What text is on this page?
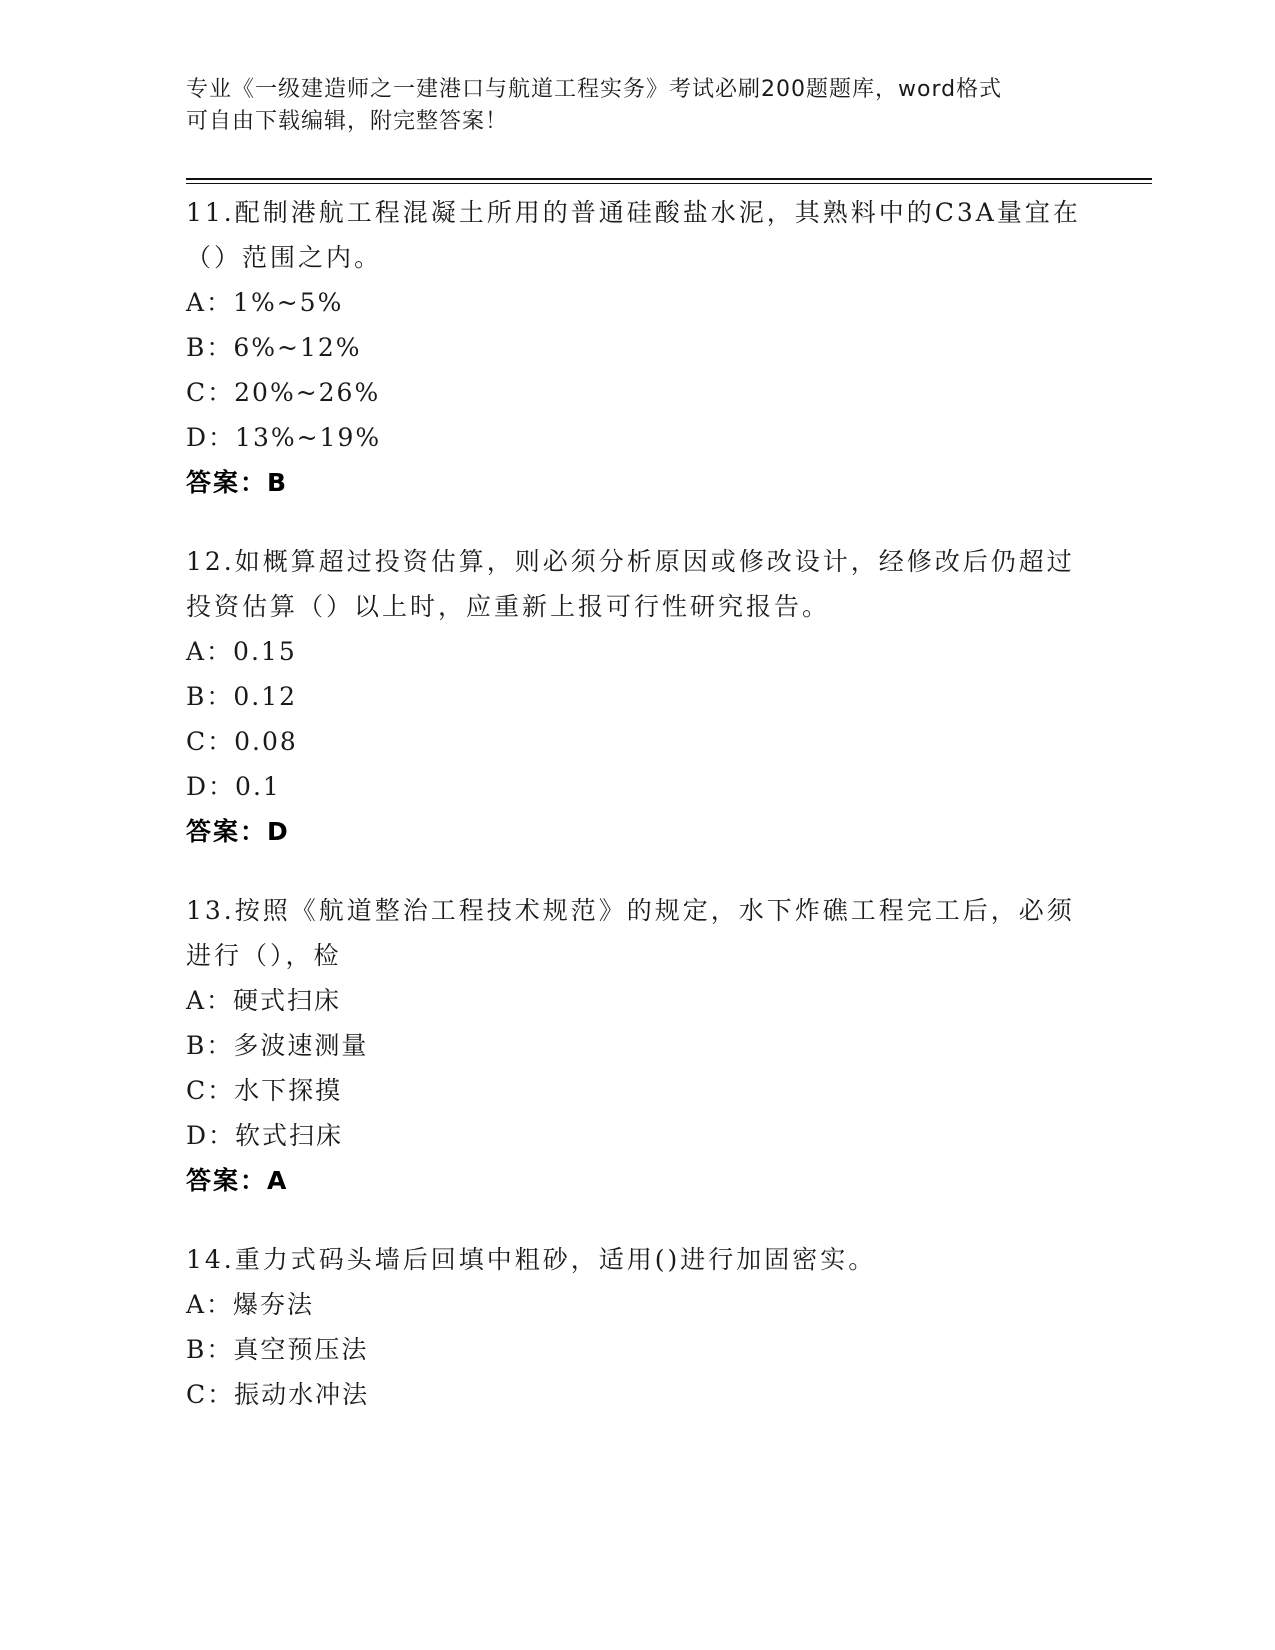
专业《一级建造师之一建港口与航道工程实务》考试必刷200题题库，word格式
可自由下载编辑，附完整答案！
11.配制港航工程混凝土所用的普通硅酸盐水泥，其熟料中的C3A量宜在（）范围之内。
A：1%~5%
B：6%~12%
C：20%~26%
D：13%~19%
答案：B
12.如概算超过投资估算，则必须分析原因或修改设计，经修改后仍超过投资估算（）以上时，应重新上报可行性研究报告。
A：0.15
B：0.12
C：0.08
D：0.1
答案：D
13.按照《航道整治工程技术规范》的规定，水下炸礁工程完工后，必须进行（），检
A：硬式扫床
B：多波速测量
C：水下探摸
D：软式扫床
答案：A
14.重力式码头墙后回填中粗砂，适用()进行加固密实。
A：爆夯法
B：真空预压法
C：振动水冲法
